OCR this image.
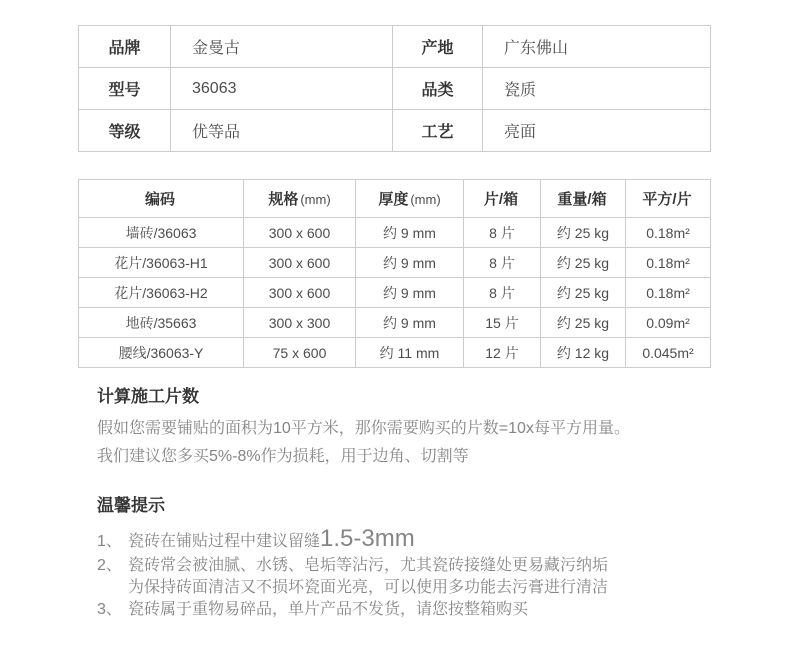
品牌	金曼古	产地	广东佛山
型号	36063	品类	瓷质
等级	优等品	工艺	亮面
编码	规格 (mm)	厚度 (mm)	片/箱	重量/箱	平方/片
墙砖/36063	300 x 600	约 9 mm	8 片	约 25 kg	0.18m²
花片/36063-H1	300 x 600	约 9 mm	8 片	约 25 kg	0.18m²
花片/36063-H2	300 x 600	约 9 mm	8 片	约 25 kg	0.18m²
地砖/35663	300 x 300	约 9 mm	15 片	约 25 kg	0.09m²
腰线/36063-Y	75 x 600	约 11 mm	12 片	约 12 kg	0.045m²
计算施工片数
假如您需要铺贴的面积为10平方米，那你需要购买的片数=10x每平方用量。
我们建议您多买5%-8%作为损耗，用于边角、切割等
温馨提示
1、 瓷砖在铺贴过程中建议留缝1.5-3mm
2、 瓷砖常会被油腻、水锈、皂垢等沾污，尤其瓷砖接缝处更易藏污纳垢
为保持砖面清洁又不损坏瓷面光亮，可以使用多功能去污膏进行清洁
3、 瓷砖属于重物易碎品，单片产品不发货，请您按整箱购买
